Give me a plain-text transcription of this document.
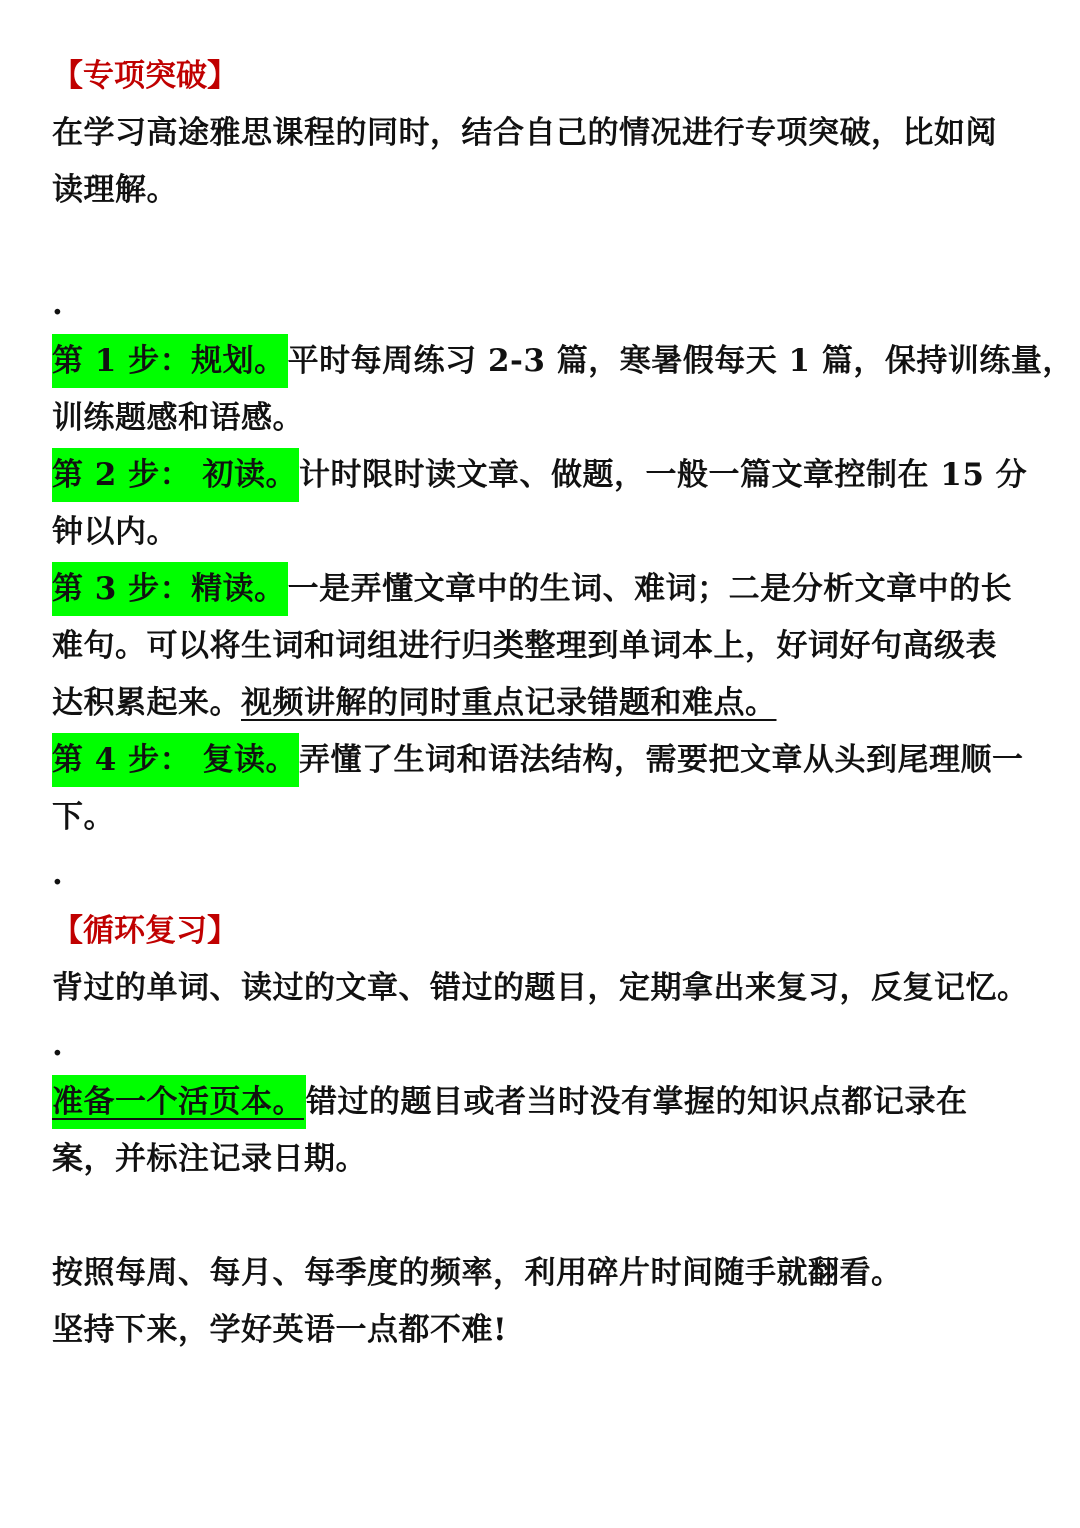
【专项突破】
在学习高途雅思课程的同时，结合自己的情况进行专项突破，比如阅
读理解。
.
第 1 步：规划。平时每周练习 2-3 篇，寒暑假每天 1 篇，保持训练量，
训练题感和语感。
第 2 步： 初读。计时限时读文章、做题，一般一篇文章控制在 15 分
钟以内。
第 3 步：精读。一是弄懂文章中的生词、难词；二是分析文章中的长
难句。可以将生词和词组进行归类整理到单词本上，好词好句高级表
达积累起来。视频讲解的同时重点记录错题和难点。
第 4 步： 复读。弄懂了生词和语法结构，需要把文章从头到尾理顺一
下。
.
【循环复习】
背过的单词、读过的文章、错过的题目，定期拿出来复习，反复记忆。
.
准备一个活页本。错过的题目或者当时没有掌握的知识点都记录在
案，并标注记录日期。
按照每周、每月、每季度的频率，利用碎片时间随手就翻看。
坚持下来，学好英语一点都不难!
